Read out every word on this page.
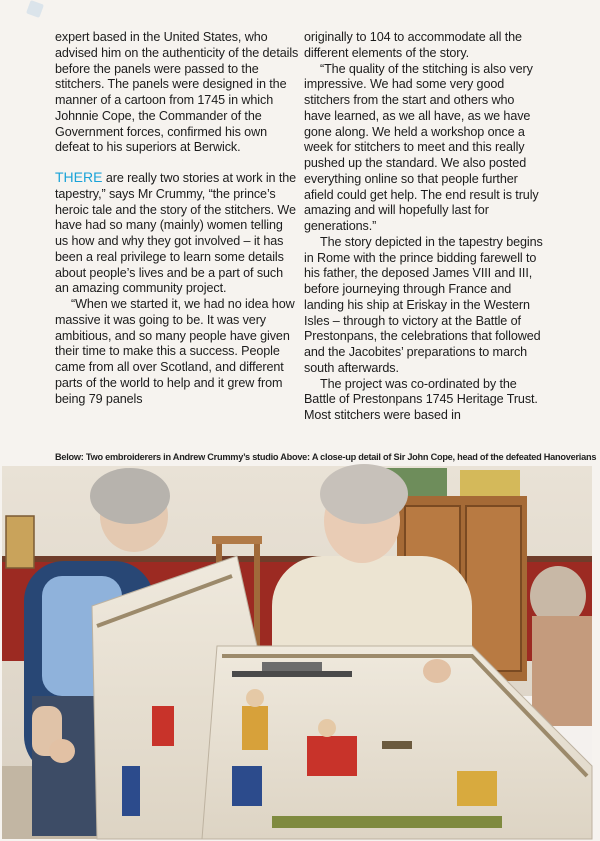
expert based in the United States, who advised him on the authenticity of the details before the panels were passed to the stitchers. The panels were designed in the manner of a cartoon from 1745 in which Johnnie Cope, the Commander of the Government forces, confirmed his own defeat to his superiors at Berwick.

THERE are really two stories at work in the tapestry,” says Mr Crummy, “the prince’s heroic tale and the story of the stitchers. We have had so many (mainly) women telling us how and why they got involved – it has been a real privilege to learn some details about people’s lives and be a part of such an amazing community project.

“When we started it, we had no idea how massive it was going to be. It was very ambitious, and so many people have given their time to make this a success. People came from all over Scotland, and different parts of the world to help and it grew from being 79 panels

originally to 104 to accommodate all the different elements of the story.

“The quality of the stitching is also very impressive. We had some very good stitchers from the start and others who have learned, as we all have, as we have gone along. We held a workshop once a week for stitchers to meet and this really pushed up the standard. We also posted everything online so that people further afield could get help. The end result is truly amazing and will hopefully last for generations.”

The story depicted in the tapestry begins in Rome with the prince bidding farewell to his father, the deposed James VIII and III, before journeying through France and landing his ship at Eriskay in the Western Isles – through to victory at the Battle of Prestonpans, the celebrations that followed and the Jacobites’ preparations to march south afterwards.

The project was co-ordinated by the Battle of Prestonpans 1745 Heritage Trust. Most stitchers were based in

Below: Two embroiderers in Andrew Crummy’s studio Above: A close-up detail of Sir John Cope, head of the defeated Hanoverians
